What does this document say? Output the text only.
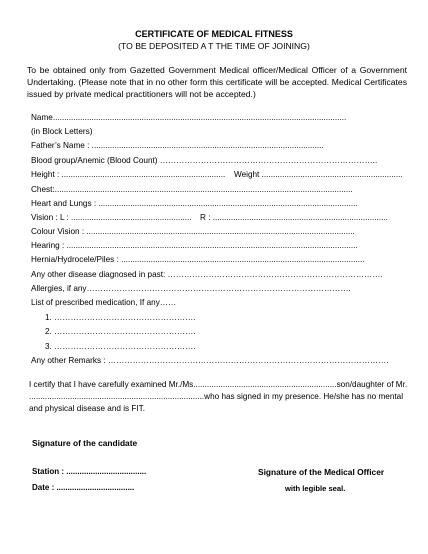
CERTIFICATE OF MEDICAL FITNESS
(TO BE DEPOSITED A T THE TIME OF JOINING)
To be obtained only from Gazetted Government Medical officer/Medical Officer of a Government Undertaking. (Please note that in no other form this certificate will be accepted. Medical Certificates issued by private medical practitioners will not be accepted.)
Name.................................................................................................................................
(in Block Letters)
Father’s Name : ......................................................................................................
Blood group/Anemic (Blood Count) ……………………………………………………………………..
Height : ........................................................................ Weight ..............................................................
Chest:...................................................................................................................................
Heart and Lungs : ..................................................................................................................
Vision : L : ..................................................... R : .............................................................................
Colour Vision : ......................................................................................................................
Hearing : ................................................................................................................................
Hernia/Hydrocele/Piles : ...........................................................................................................
Any other disease diagnosed in past: …………………………………………………………………….
Allergies, if any…………………………………………………………………………………….
List of prescribed medication, If any……
1. …………………………………………….
2. …………………………………………….
3. …………………………………………….
Any other Remarks : ………………………………………………………………………………………….
I certify that I have carefully examined Mr./Ms...............................................................son/daughter of Mr.
.............................................................................who has signed in my presence. He/she has no mental
and physical disease and is FIT.
Signature of the candidate
Station : ....................................	Signature of the Medical Officer
Date : ...................................	with legible seal.
